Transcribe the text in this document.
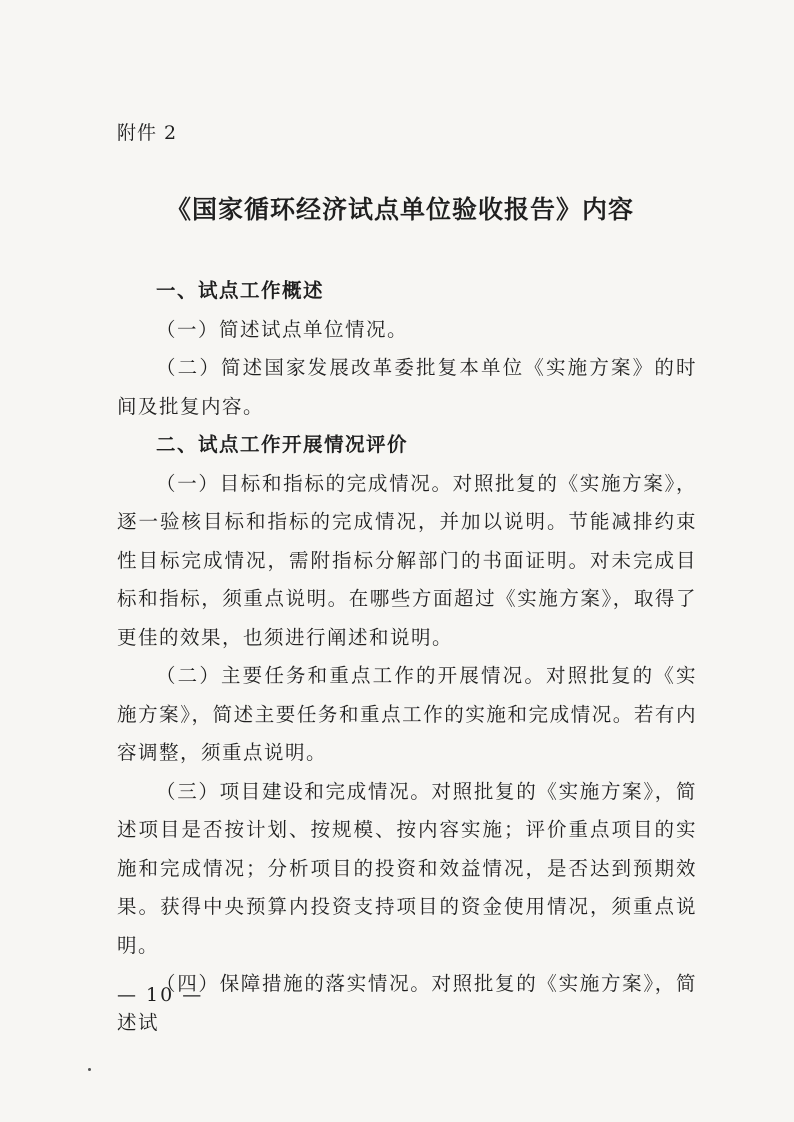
附件 2
《国家循环经济试点单位验收报告》内容

一、试点工作概述

（一）简述试点单位情况。

（二）简述国家发展改革委批复本单位《实施方案》的时间及批复内容。

二、试点工作开展情况评价

（一）目标和指标的完成情况。对照批复的《实施方案》，逐一验核目标和指标的完成情况，并加以说明。节能减排约束性目标完成情况，需附指标分解部门的书面证明。对未完成目标和指标，须重点说明。在哪些方面超过《实施方案》，取得了更佳的效果，也须进行阐述和说明。

（二）主要任务和重点工作的开展情况。对照批复的《实施方案》，简述主要任务和重点工作的实施和完成情况。若有内容调整，须重点说明。

（三）项目建设和完成情况。对照批复的《实施方案》，简述项目是否按计划、按规模、按内容实施；评价重点项目的实施和完成情况；分析项目的投资和效益情况，是否达到预期效果。获得中央预算内投资支持项目的资金使用情况，须重点说明。

（四）保障措施的落实情况。对照批复的《实施方案》，简述试

— 10 —
